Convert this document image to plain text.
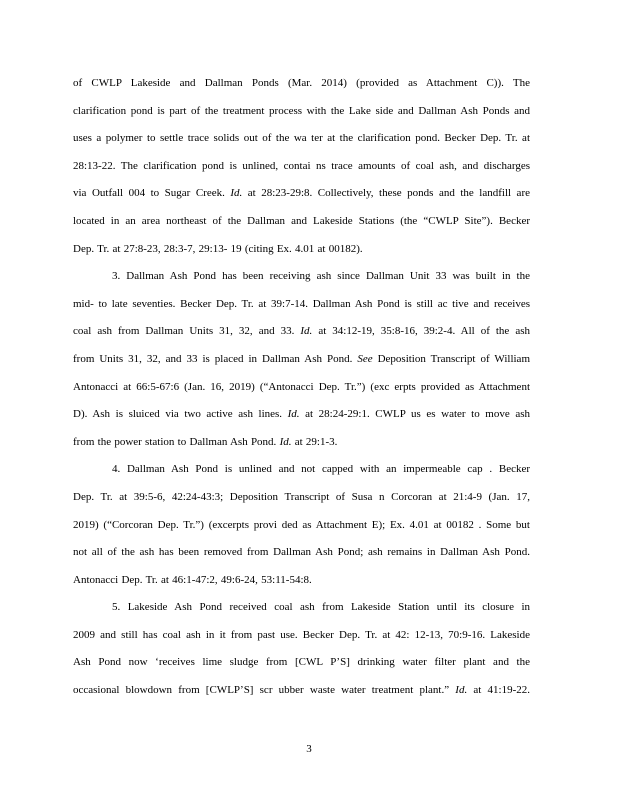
of CWLP Lakeside and Dallman Ponds (Mar. 2014) (provided as Attachment C)). The
clarification pond is part of the treatment process with the Lake side and Dallman Ash Ponds and
uses a polymer to settle trace solids out of the wa ter at the clarification pond. Becker Dep. Tr. at
28:13-22. The clarification pond is unlined, contai ns trace amounts of coal ash, and discharges
via Outfall 004 to Sugar Creek. Id. at 28:23-29:8. Collectively, these ponds and the landfill are
located in an area northeast of the Dallman and Lakeside Stations (the “CWLP Site”). Becker
Dep. Tr. at 27:8-23, 28:3-7, 29:13- 19 (citing Ex. 4.01 at 00182).
3. Dallman Ash Pond has been receiving ash since Dallman Unit 33 was built in the
mid- to late seventies. Becker Dep. Tr. at 39:7-14. Dallman Ash Pond is still ac tive and receives
coal ash from Dallman Units 31, 32, and 33. Id. at 34:12-19, 35:8-16, 39:2-4. All of the ash
from Units 31, 32, and 33 is placed in Dallman Ash Pond. See Deposition Transcript of William
Antonacci at 66:5-67:6 (Jan. 16, 2019) (“Antonacci Dep. Tr.”) (exc erpts provided as Attachment
D). Ash is sluiced via two active ash lines. Id. at 28:24-29:1. CWLP us es water to move ash
from the power station to Dallman Ash Pond. Id. at 29:1-3.
4. Dallman Ash Pond is unlined and not capped with an impermeable cap . Becker
Dep. Tr. at 39:5-6, 42:24-43:3; Deposition Transcript of Susa n Corcoran at 21:4-9 (Jan. 17,
2019) (“Corcoran Dep. Tr.”) (excerpts provi ded as Attachment E); Ex. 4.01 at 00182 . Some but
not all of the ash has been removed from Dallman Ash Pond; ash remains in Dallman Ash Pond.
Antonacci Dep. Tr. at 46:1-47:2, 49:6-24, 53:11-54:8.
5. Lakeside Ash Pond received coal ash from Lakeside Station until its closure in
2009 and still has coal ash in it from past use. Becker Dep. Tr. at 42: 12-13, 70:9-16. Lakeside
Ash Pond now ‘receives lime sludge from [CWL P’S] drinking water filter plant and the
occasional blowdown from [CWLP’S] scr ubber waste water treatment plant.” Id. at 41:19-22.
3
